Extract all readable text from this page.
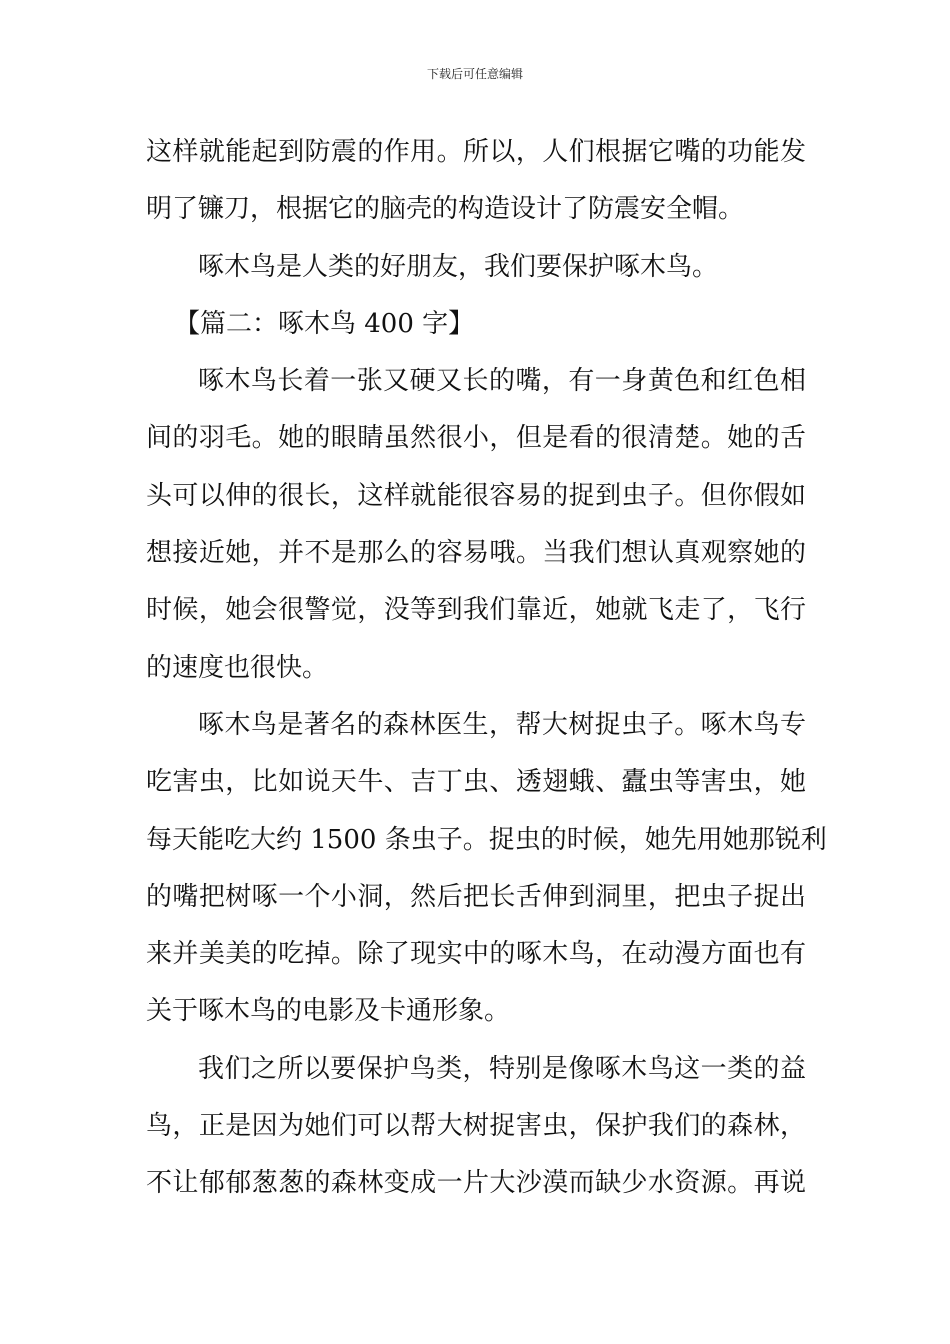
下载后可任意编辑
这样就能起到防震的作用。所以，人们根据它嘴的功能发
明了镰刀，根据它的脑壳的构造设计了防震安全帽。
啄木鸟是人类的好朋友，我们要保护啄木鸟。
【篇二：啄木鸟 400 字】
啄木鸟长着一张又硬又长的嘴，有一身黄色和红色相
间的羽毛。她的眼睛虽然很小，但是看的很清楚。她的舌
头可以伸的很长，这样就能很容易的捉到虫子。但你假如
想接近她，并不是那么的容易哦。当我们想认真观察她的
时候，她会很警觉，没等到我们靠近，她就飞走了，飞行
的速度也很快。
啄木鸟是著名的森林医生，帮大树捉虫子。啄木鸟专
吃害虫，比如说天牛、吉丁虫、透翅蛾、蠹虫等害虫，她
每天能吃大约 1500 条虫子。捉虫的时候，她先用她那锐利
的嘴把树啄一个小洞，然后把长舌伸到洞里，把虫子捉出
来并美美的吃掉。除了现实中的啄木鸟，在动漫方面也有
关于啄木鸟的电影及卡通形象。
我们之所以要保护鸟类，特别是像啄木鸟这一类的益
鸟，正是因为她们可以帮大树捉害虫，保护我们的森林，
不让郁郁葱葱的森林变成一片大沙漠而缺少水资源。再说
